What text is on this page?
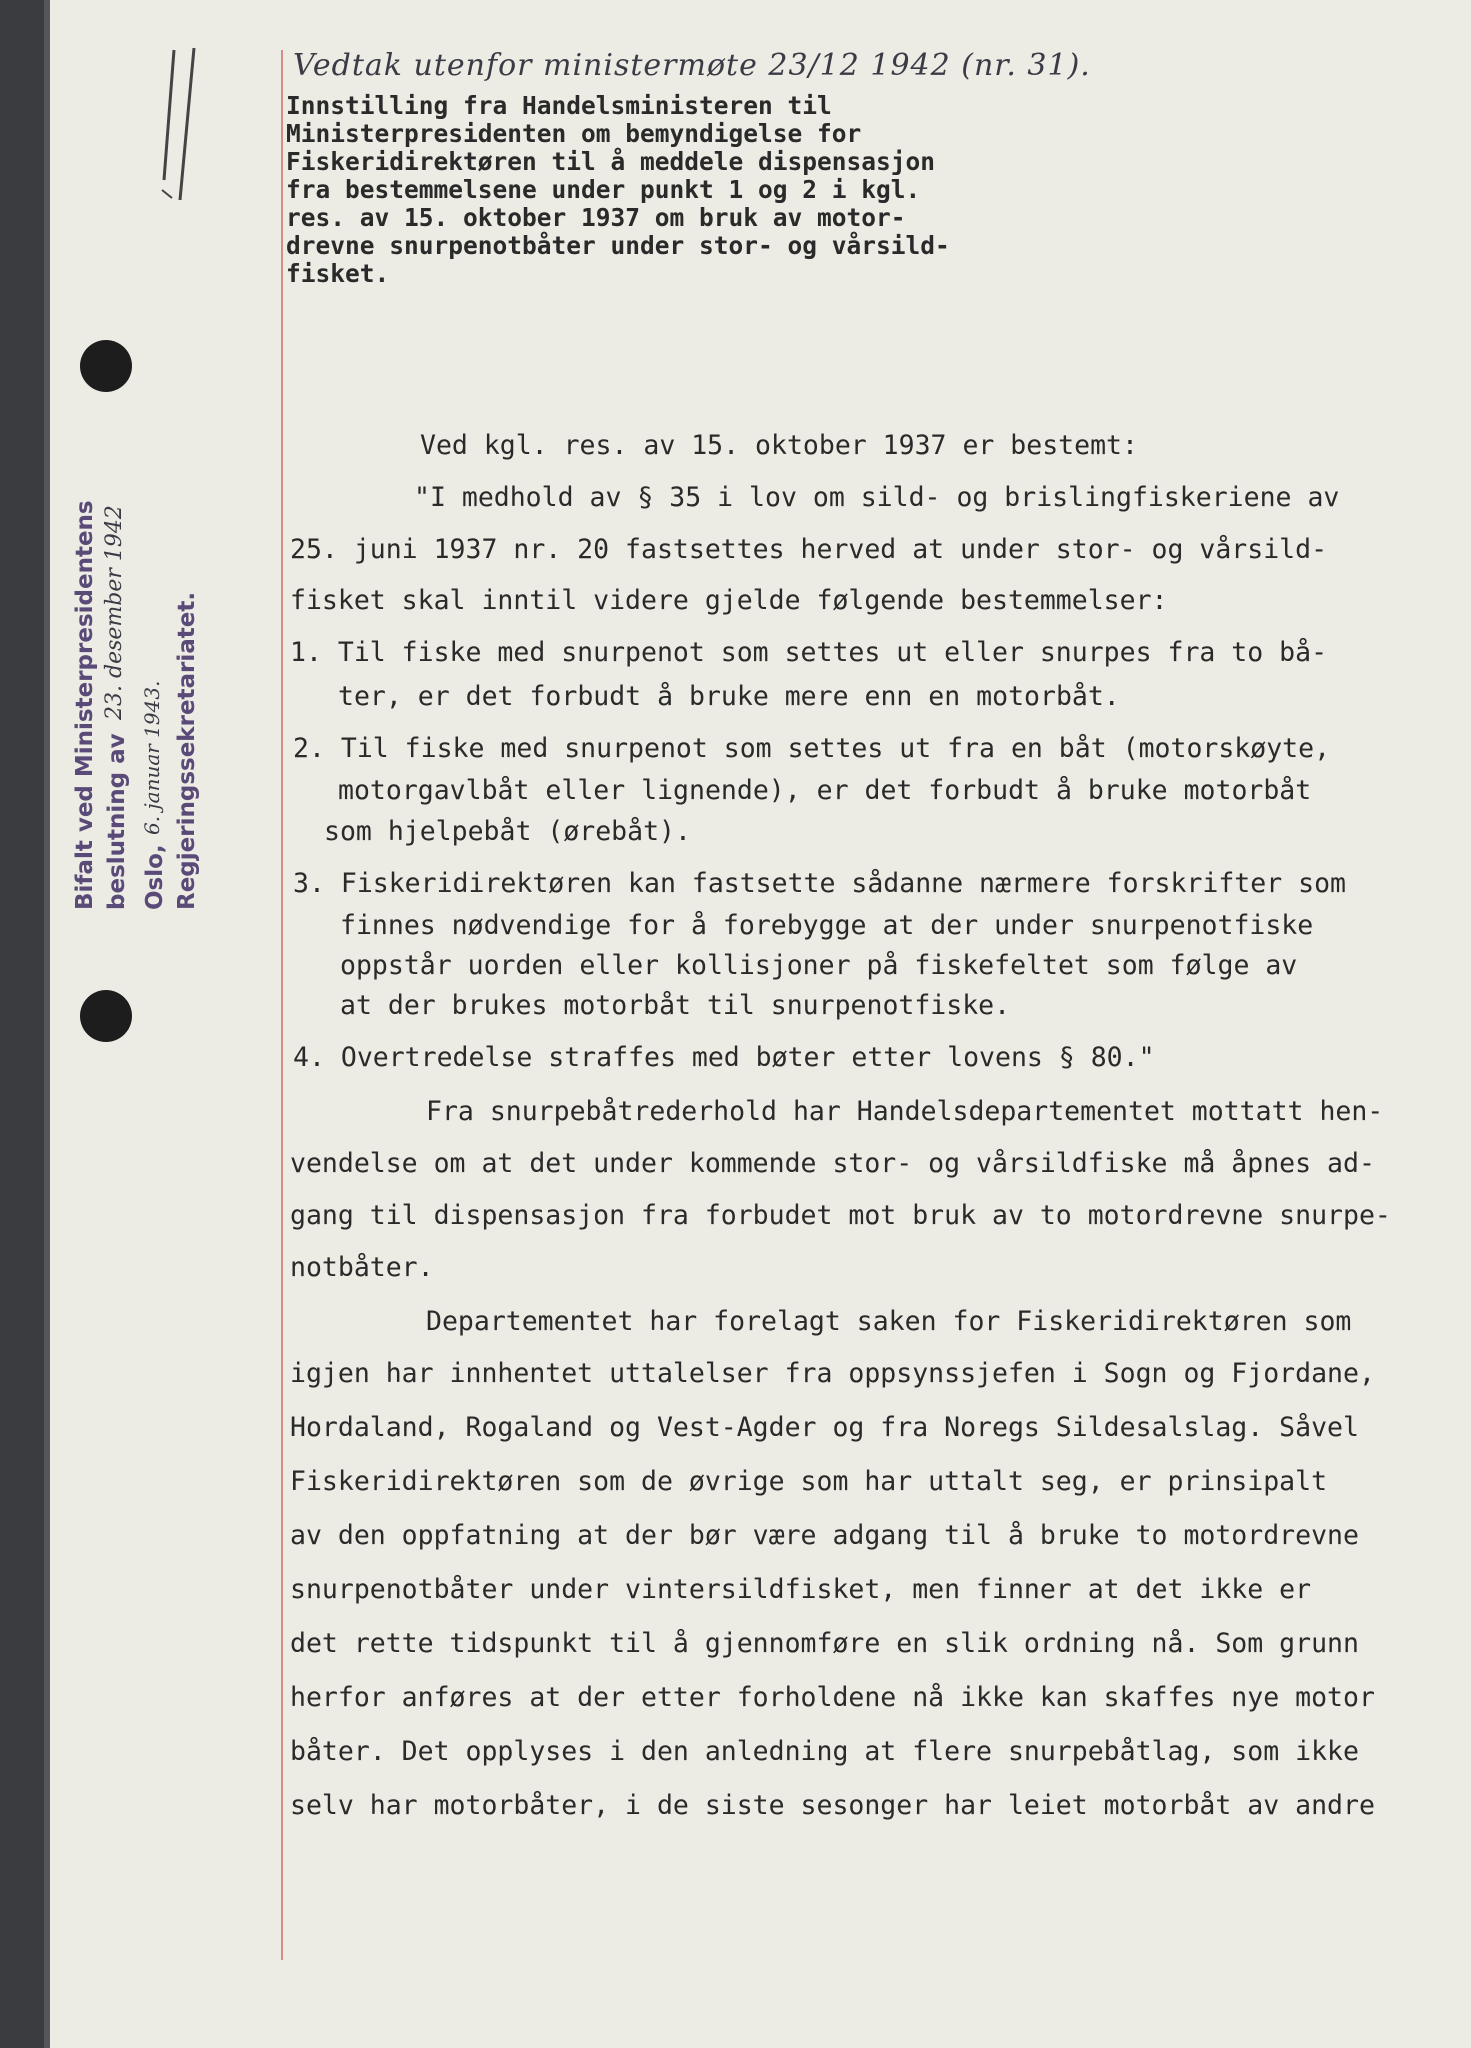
Vedtak utenfor ministermøte 23/12 1942 (nr. 31).
Innstilling fra Handelsministeren til
Ministerpresidenten om bemyndigelse for
Fiskeridirektøren til å meddele dispensasjon
fra bestemmelsene under punkt 1 og 2 i kgl.
res. av 15. oktober 1937 om bruk av motor-
drevne snurpenotbåter under stor- og vårsild-
fisket.
Bifalt ved Ministerpresidentens beslutning av
23. desember 1942
Oslo,
6. januar 1943. Regjeringssekretariatet.
Ved kgl. res. av 15. oktober 1937 er bestemt:
"I medhold av § 35 i lov om sild- og brislingfiskeriene av
25. juni 1937 nr. 20 fastsettes herved at under stor- og vårsild-
fisket skal inntil videre gjelde følgende bestemmelser:
1. Til fiske med snurpenot som settes ut eller snurpes fra to bå-
ter, er det forbudt å bruke mere enn en motorbåt.
2. Til fiske med snurpenot som settes ut fra en båt (motorskøyte,
motorgavlbåt eller lignende), er det forbudt å bruke motorbåt
som hjelpebåt (ørebåt).
3. Fiskeridirektøren kan fastsette sådanne nærmere forskrifter som
finnes nødvendige for å forebygge at der under snurpenotfiske
oppstår uorden eller kollisjoner på fiskefeltet som følge av
at der brukes motorbåt til snurpenotfiske.
4. Overtredelse straffes med bøter etter lovens § 80."
Fra snurpebåtrederhold har Handelsdepartementet mottatt hen-
vendelse om at det under kommende stor- og vårsildfiske må åpnes ad-
gang til dispensasjon fra forbudet mot bruk av to motordrevne snurpe-
notbåter.
Departementet har forelagt saken for Fiskeridirektøren som
igjen har innhentet uttalelser fra oppsynssjefen i Sogn og Fjordane,
Hordaland, Rogaland og Vest-Agder og fra Noregs Sildesalslag. Såvel
Fiskeridirektøren som de øvrige som har uttalt seg, er prinsipalt
av den oppfatning at der bør være adgang til å bruke to motordrevne
snurpenotbåter under vintersildfisket, men finner at det ikke er
det rette tidspunkt til å gjennomføre en slik ordning nå. Som grunn
herfor anføres at der etter forholdene nå ikke kan skaffes nye motor
båter. Det opplyses i den anledning at flere snurpebåtlag, som ikke
selv har motorbåter, i de siste sesonger har leiet motorbåt av andre
